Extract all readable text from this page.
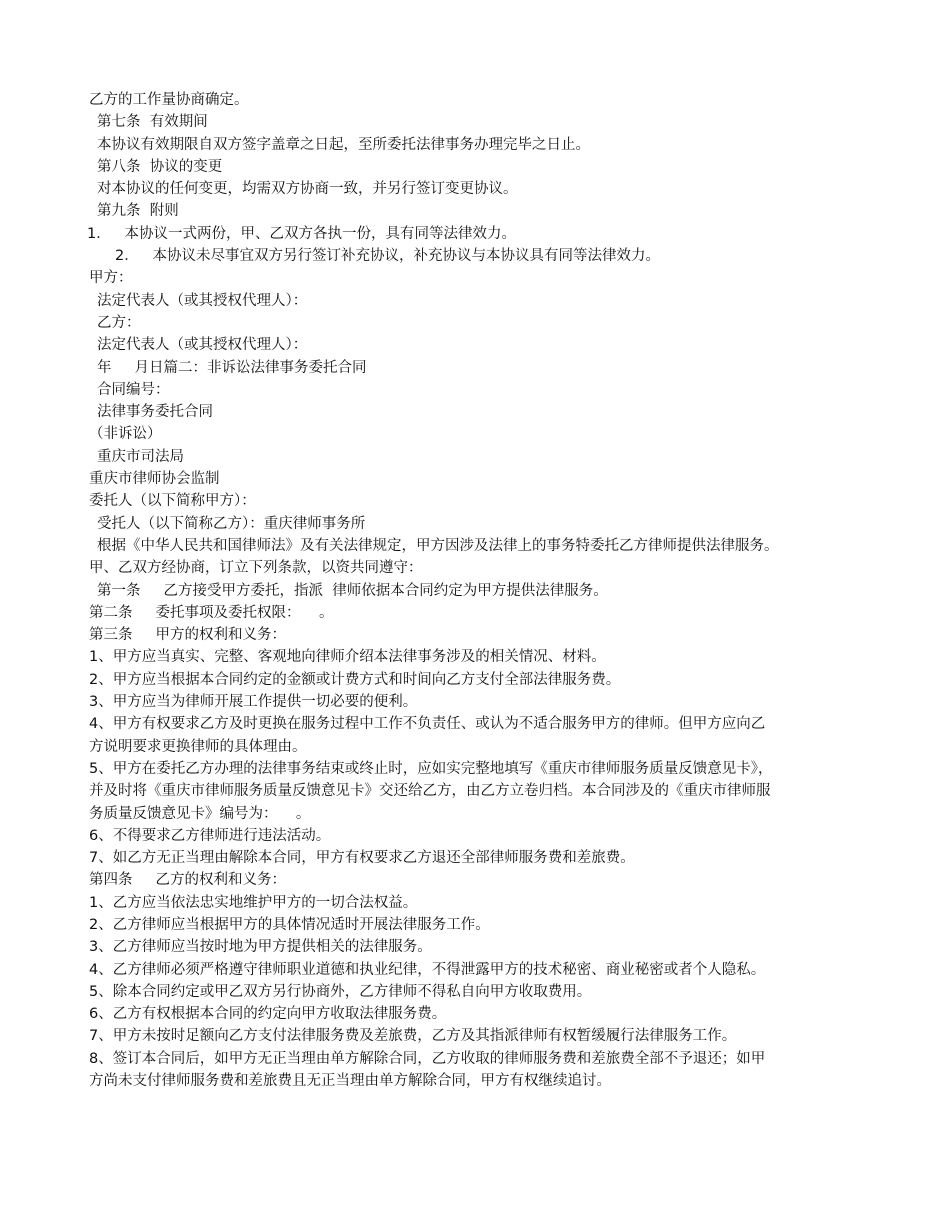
乙方的工作量协商确定。
第七条  有效期间
本协议有效期限自双方签字盖章之日起，至所委托法律事务办理完毕之日止。
第八条  协议的变更
对本协议的任何变更，均需双方协商一致，并另行签订变更协议。
第九条  附则
1．   本协议一式两份，甲、乙双方各执一份，具有同等法律效力。
2．   本协议未尽事宜双方另行签订补充协议，补充协议与本协议具有同等法律效力。
甲方：
法定代表人（或其授权代理人）：
乙方：
法定代表人（或其授权代理人）：
年     月日篇二：非诉讼法律事务委托合同
合同编号：
法律事务委托合同
（非诉讼）
重庆市司法局
重庆市律师协会监制
委托人（以下简称甲方）：
受托人（以下简称乙方）：重庆律师事务所
根据《中华人民共和国律师法》及有关法律规定，甲方因涉及法律上的事务特委托乙方律师提供法律服务。
甲、乙双方经协商，订立下列条款，以资共同遵守：
第一条     乙方接受甲方委托，指派  律师依据本合同约定为甲方提供法律服务。
第二条     委托事项及委托权限：    。
第三条     甲方的权利和义务：
1、甲方应当真实、完整、客观地向律师介绍本法律事务涉及的相关情况、材料。
2、甲方应当根据本合同约定的金额或计费方式和时间向乙方支付全部法律服务费。
3、甲方应当为律师开展工作提供一切必要的便利。
4、甲方有权要求乙方及时更换在服务过程中工作不负责任、或认为不适合服务甲方的律师。但甲方应向乙
方说明要求更换律师的具体理由。
5、甲方在委托乙方办理的法律事务结束或终止时，应如实完整地填写《重庆市律师服务质量反馈意见卡》，
并及时将《重庆市律师服务质量反馈意见卡》交还给乙方，由乙方立卷归档。本合同涉及的《重庆市律师服
务质量反馈意见卡》编号为：    。
6、不得要求乙方律师进行违法活动。
7、如乙方无正当理由解除本合同，甲方有权要求乙方退还全部律师服务费和差旅费。
第四条     乙方的权利和义务：
1、乙方应当依法忠实地维护甲方的一切合法权益。
2、乙方律师应当根据甲方的具体情况适时开展法律服务工作。
3、乙方律师应当按时地为甲方提供相关的法律服务。
4、乙方律师必须严格遵守律师职业道德和执业纪律，不得泄露甲方的技术秘密、商业秘密或者个人隐私。
5、除本合同约定或甲乙双方另行协商外，乙方律师不得私自向甲方收取费用。
6、乙方有权根据本合同的约定向甲方收取法律服务费。
7、甲方未按时足额向乙方支付法律服务费及差旅费，乙方及其指派律师有权暂缓履行法律服务工作。
8、签订本合同后，如甲方无正当理由单方解除合同，乙方收取的律师服务费和差旅费全部不予退还；如甲
方尚未支付律师服务费和差旅费且无正当理由单方解除合同，甲方有权继续追讨。
